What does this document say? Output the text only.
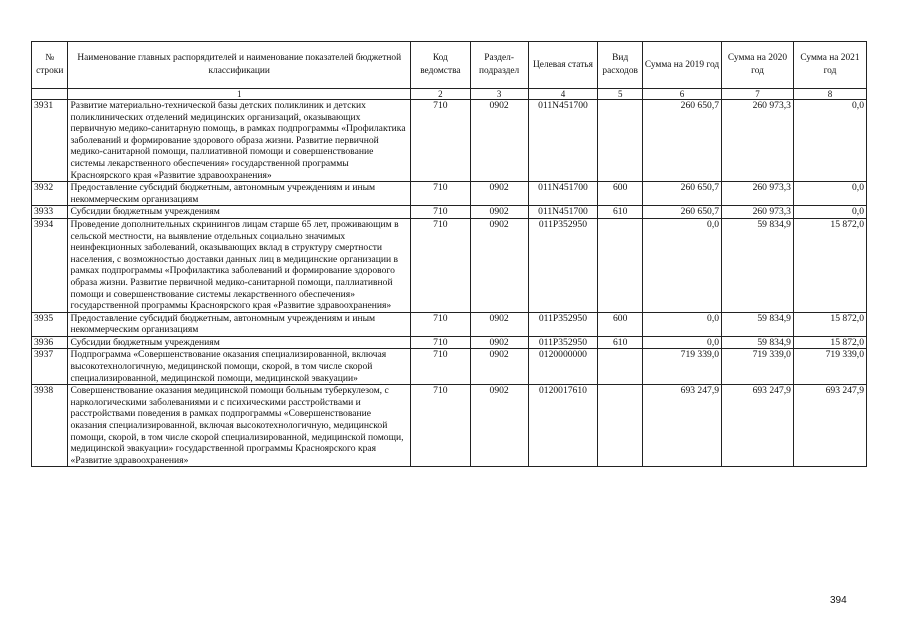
№ строки	Наименование главных распорядителей и наименование показателей бюджетной классификации	Код ведомства	Раздел-подраздел	Целевая статья	Вид расходов	Сумма на 2019 год	Сумма на 2020 год	Сумма на 2021 год
	1	2	3	4	5	6	7	8
3931	Развитие материально-технической базы детских поликлиник и детских поликлинических отделений медицинских организаций, оказывающих первичную медико-санитарную помощь, в рамках подпрограммы «Профилактика заболеваний и формирование здорового образа жизни. Развитие первичной медико-санитарной помощи, паллиативной помощи и совершенствование системы лекарственного обеспечения» государственной программы Красноярского края «Развитие здравоохранения»	710	0902	011N451700		260 650,7	260 973,3	0,0
3932	Предоставление субсидий бюджетным, автономным учреждениям и иным некоммерческим организациям	710	0902	011N451700	600	260 650,7	260 973,3	0,0
3933	Субсидии бюджетным учреждениям	710	0902	011N451700	610	260 650,7	260 973,3	0,0
3934	Проведение дополнительных скринингов лицам старше 65 лет, проживающим в сельской местности, на выявление отдельных социально значимых неинфекционных заболеваний, оказывающих вклад в структуру смертности населения, с возможностью доставки данных лиц в медицинские организации в рамках подпрограммы «Профилактика заболеваний и формирование здорового образа жизни. Развитие первичной медико-санитарной помощи, паллиативной помощи и совершенствование системы лекарственного обеспечения» государственной программы Красноярского края «Развитие здравоохранения»	710	0902	011P352950		0,0	59 834,9	15 872,0
3935	Предоставление субсидий бюджетным, автономным учреждениям и иным некоммерческим организациям	710	0902	011P352950	600	0,0	59 834,9	15 872,0
3936	Субсидии бюджетным учреждениям	710	0902	011P352950	610	0,0	59 834,9	15 872,0
3937	Подпрограмма «Совершенствование оказания специализированной, включая высокотехнологичную, медицинской помощи, скорой, в том числе скорой специализированной, медицинской помощи, медицинской эвакуации»	710	0902	0120000000		719 339,0	719 339,0	719 339,0
3938	Совершенствование оказания медицинской помощи больным туберкулезом, с наркологическими заболеваниями и с психическими расстройствами и расстройствами поведения в рамках подпрограммы «Совершенствование оказания специализированной, включая высокотехнологичную, медицинской помощи, скорой, в том числе скорой специализированной, медицинской помощи, медицинской эвакуации» государственной программы Красноярского края «Развитие здравоохранения»	710	0902	0120017610		693 247,9	693 247,9	693 247,9
394
